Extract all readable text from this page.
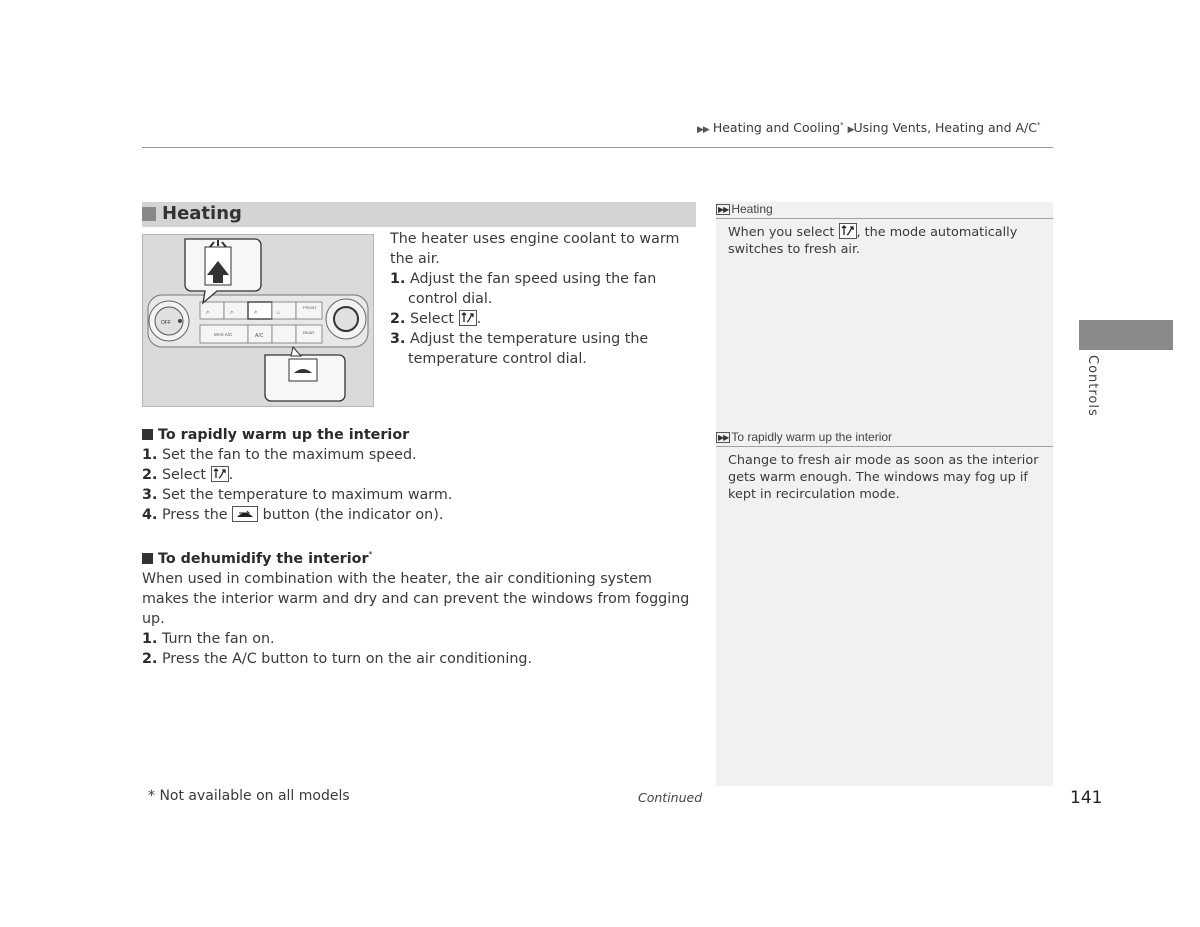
▶▶ Heating and Cooling* ▶Using Vents, Heating and A/C*
Heating
OFF
↗	↗	↗	⌂
FRONT
MAX A/C	A/C
REAR

The heater uses engine coolant to warm the air.

1. Adjust the fan speed using the fan control dial.

2. Select .

3. Adjust the temperature using the temperature control dial.

To rapidly warm up the interior

1. Set the fan to the maximum speed.

2. Select .

3. Set the temperature to maximum warm.

4. Press the button (the indicator on).

To dehumidify the interior*

When used in combination with the heater, the air conditioning system makes the interior warm and dry and can prevent the windows from fogging up.

1. Turn the fan on.

2. Press the A/C button to turn on the air conditioning.

▶▶ Heating
When you select , the mode automatically switches to fresh air.
▶▶ To rapidly warm up the interior
Change to fresh air mode as soon as the interior gets warm enough. The windows may fog up if kept in recirculation mode.
Controls
* Not available on all models	Continued	141
